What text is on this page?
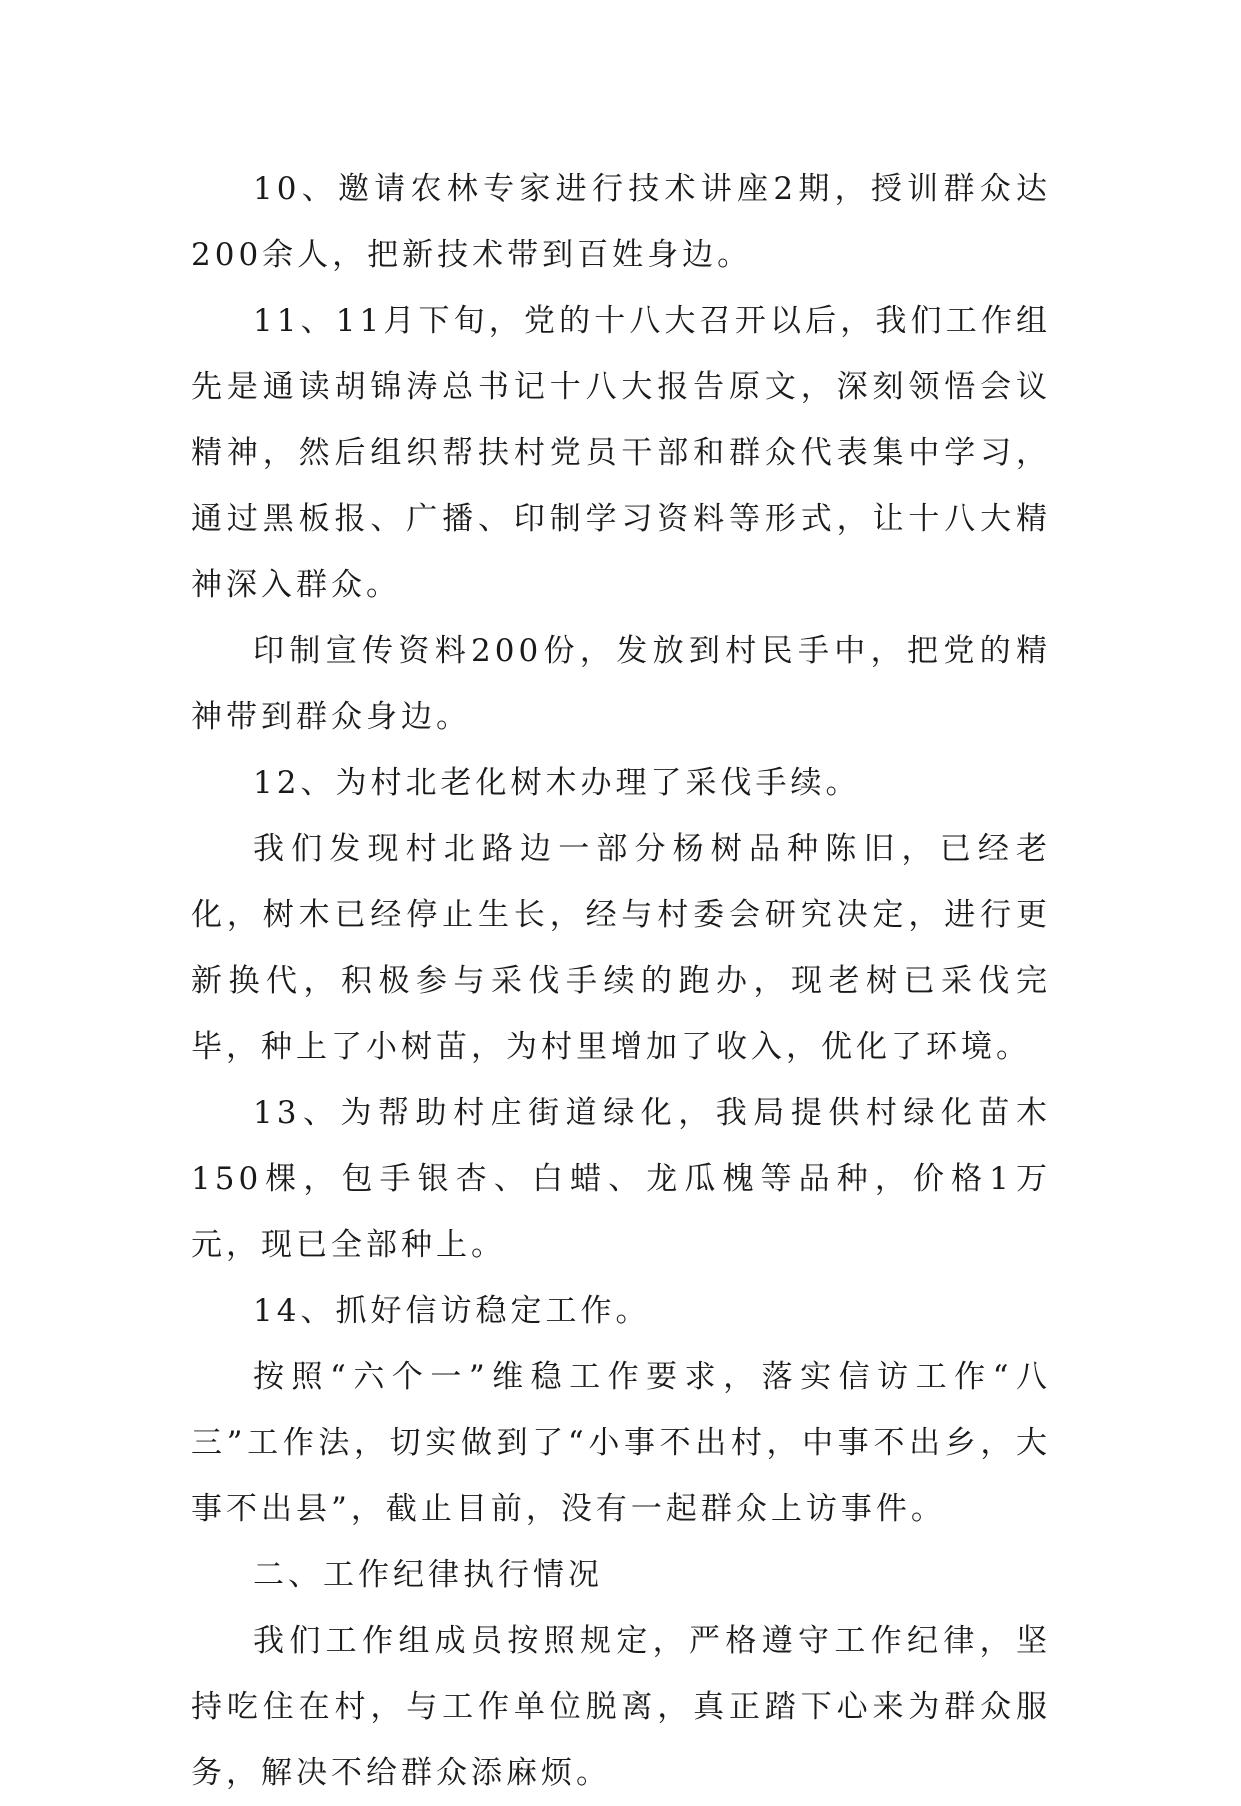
10、邀请农林专家进行技术讲座2期，授训群众达200余人，把新技术带到百姓身边。

11、11月下旬，党的十八大召开以后，我们工作组先是通读胡锦涛总书记十八大报告原文，深刻领悟会议精神，然后组织帮扶村党员干部和群众代表集中学习，通过黑板报、广播、印制学习资料等形式，让十八大精神深入群众。

印制宣传资料200份，发放到村民手中，把党的精神带到群众身边。

12、为村北老化树木办理了采伐手续。

我们发现村北路边一部分杨树品种陈旧，已经老化，树木已经停止生长，经与村委会研究决定，进行更新换代，积极参与采伐手续的跑办，现老树已采伐完毕，种上了小树苗，为村里增加了收入，优化了环境。

13、为帮助村庄街道绿化，我局提供村绿化苗木150棵，包手银杏、白蜡、龙瓜槐等品种，价格1万元，现已全部种上。

14、抓好信访稳定工作。

按照“六个一”维稳工作要求，落实信访工作“八三”工作法，切实做到了“小事不出村，中事不出乡，大事不出县”，截止目前，没有一起群众上访事件。

二、工作纪律执行情况

我们工作组成员按照规定，严格遵守工作纪律，坚持吃住在村，与工作单位脱离，真正踏下心来为群众服务，解决不给群众添麻烦。
